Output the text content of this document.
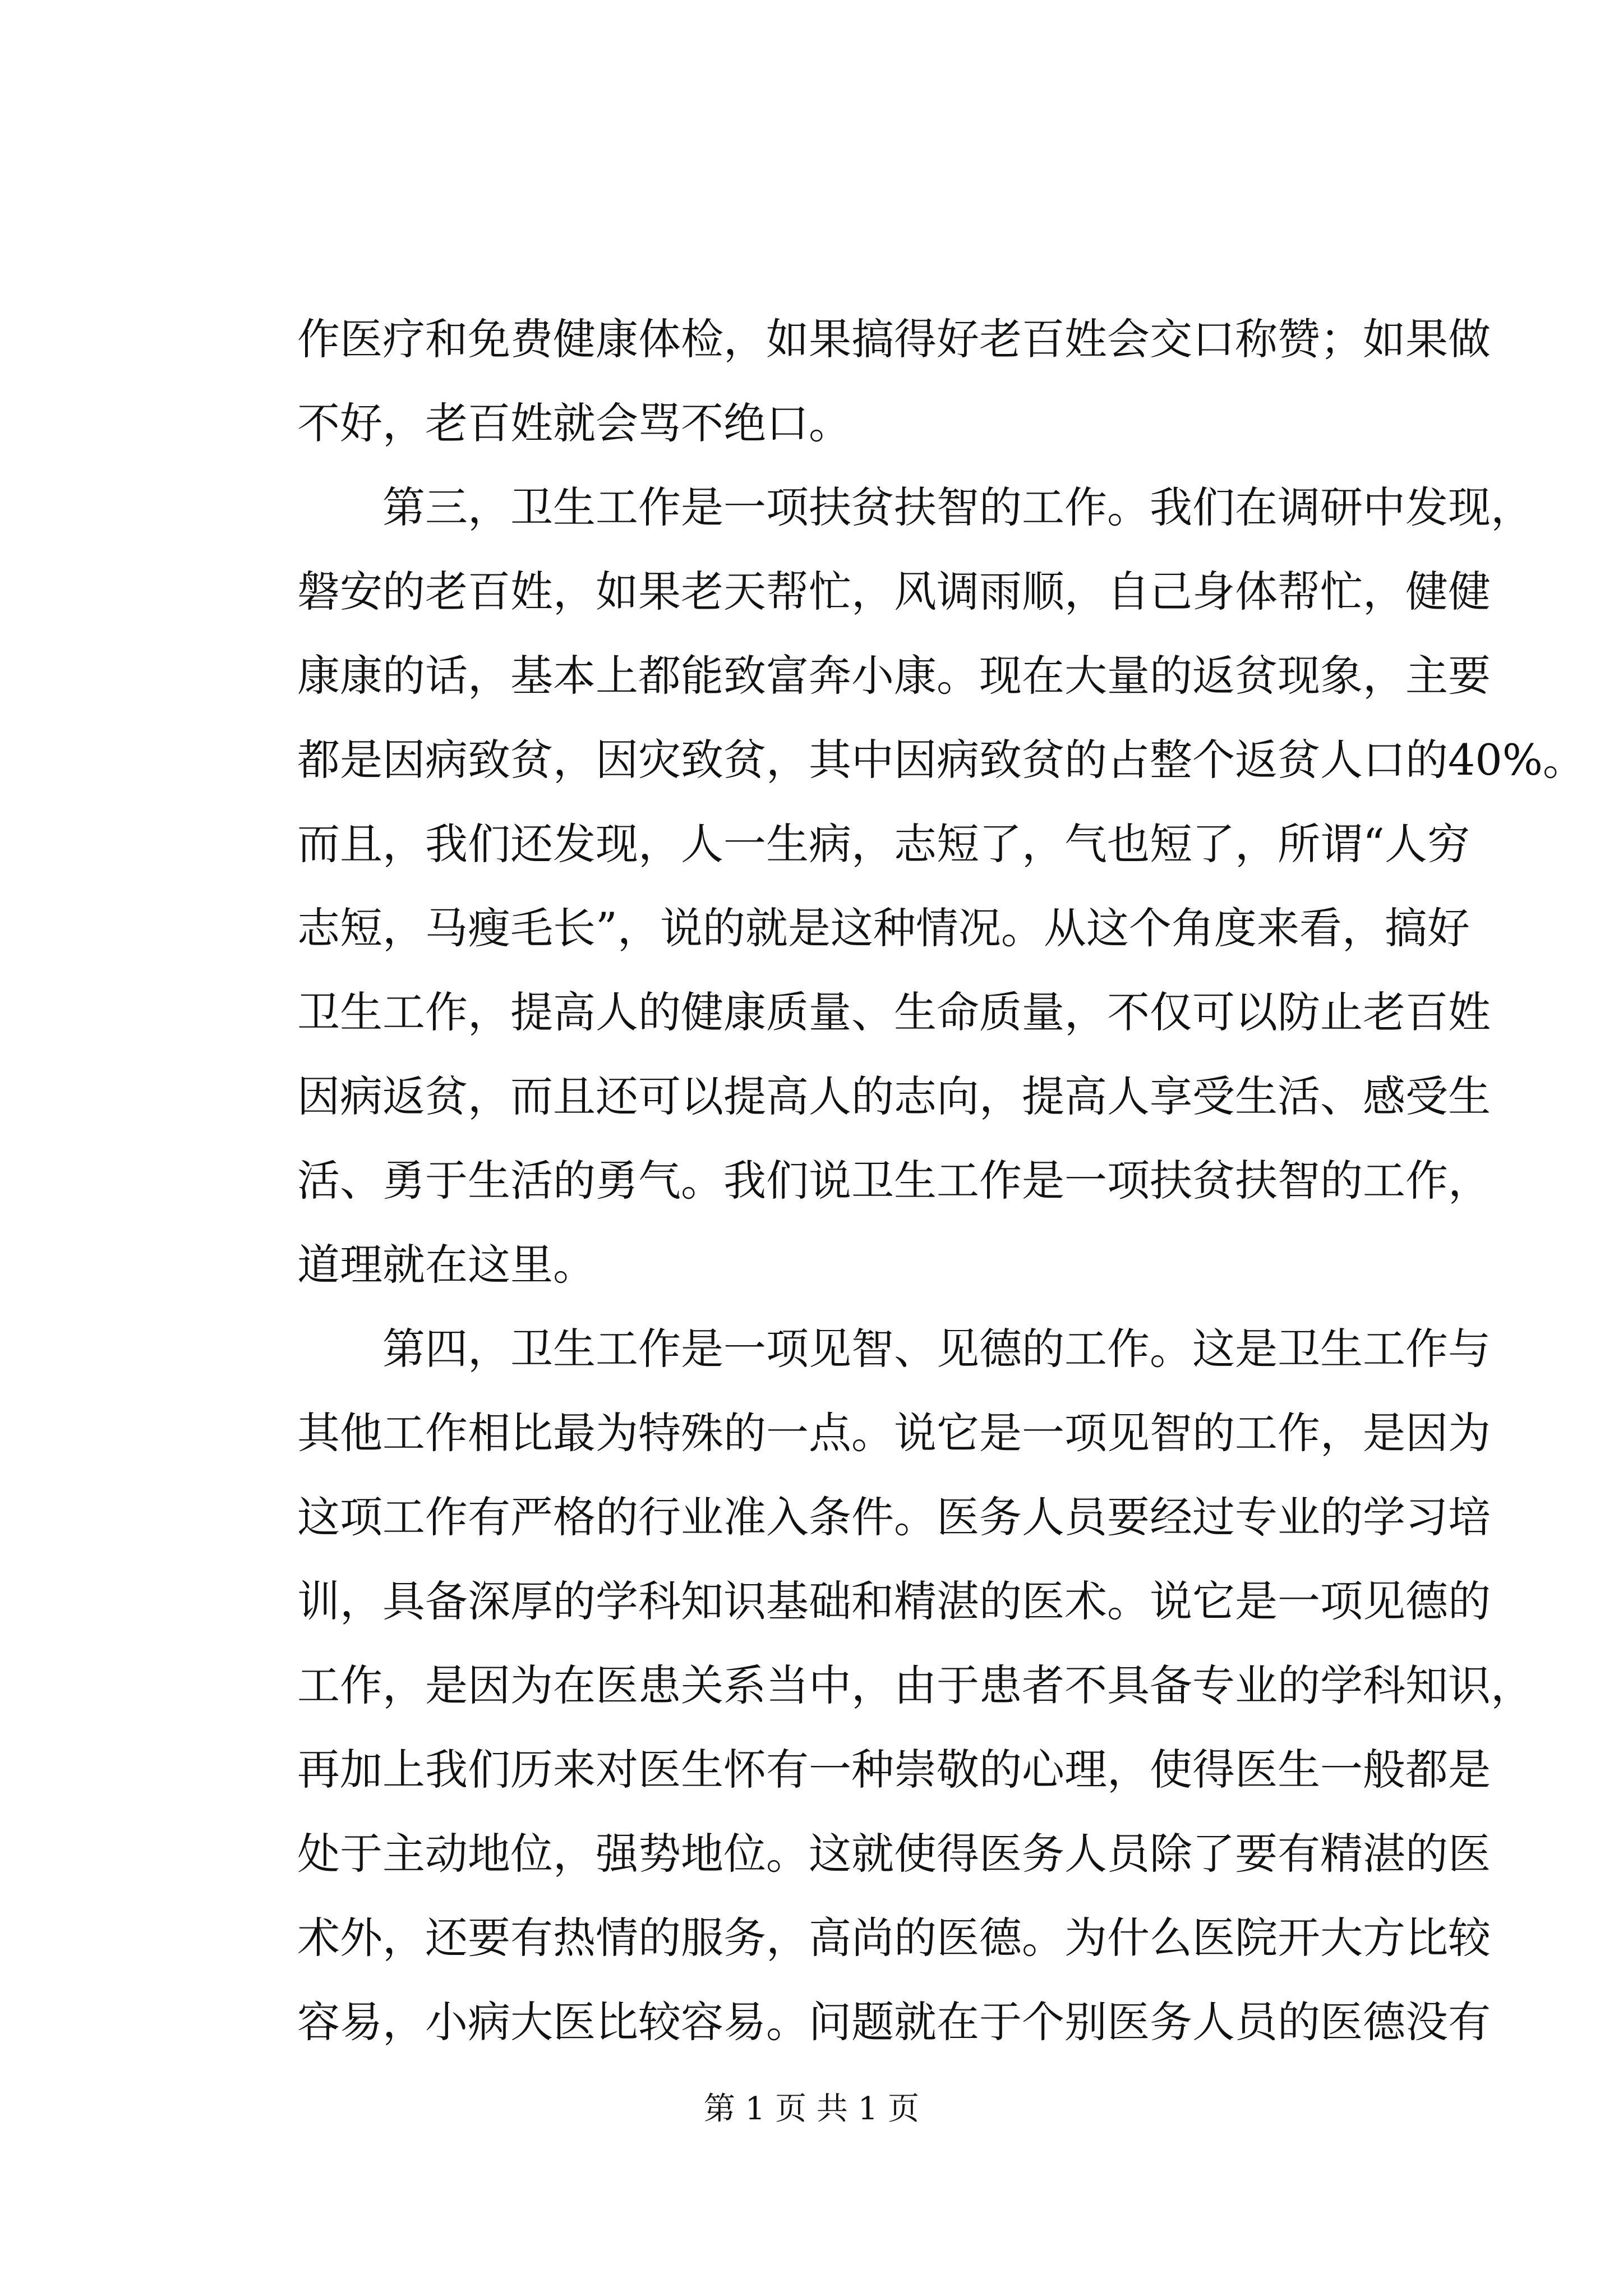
作医疗和免费健康体检，如果搞得好老百姓会交口称赞；如果做
不好，老百姓就会骂不绝口。
第三，卫生工作是一项扶贫扶智的工作。我们在调研中发现，
磐安的老百姓，如果老天帮忙，风调雨顺，自己身体帮忙，健健
康康的话，基本上都能致富奔小康。现在大量的返贫现象，主要
都是因病致贫，因灾致贫，其中因病致贫的占整个返贫人口的40%。
而且，我们还发现，人一生病，志短了，气也短了，所谓“人穷
志短，马瘦毛长”，说的就是这种情况。从这个角度来看，搞好
卫生工作，提高人的健康质量、生命质量，不仅可以防止老百姓
因病返贫，而且还可以提高人的志向，提高人享受生活、感受生
活、勇于生活的勇气。我们说卫生工作是一项扶贫扶智的工作，
道理就在这里。
第四，卫生工作是一项见智、见德的工作。这是卫生工作与
其他工作相比最为特殊的一点。说它是一项见智的工作，是因为
这项工作有严格的行业准入条件。医务人员要经过专业的学习培
训，具备深厚的学科知识基础和精湛的医术。说它是一项见德的
工作，是因为在医患关系当中，由于患者不具备专业的学科知识，
再加上我们历来对医生怀有一种崇敬的心理，使得医生一般都是
处于主动地位，强势地位。这就使得医务人员除了要有精湛的医
术外，还要有热情的服务，高尚的医德。为什么医院开大方比较
容易，小病大医比较容易。问题就在于个别医务人员的医德没有
第 1 页 共 1 页
